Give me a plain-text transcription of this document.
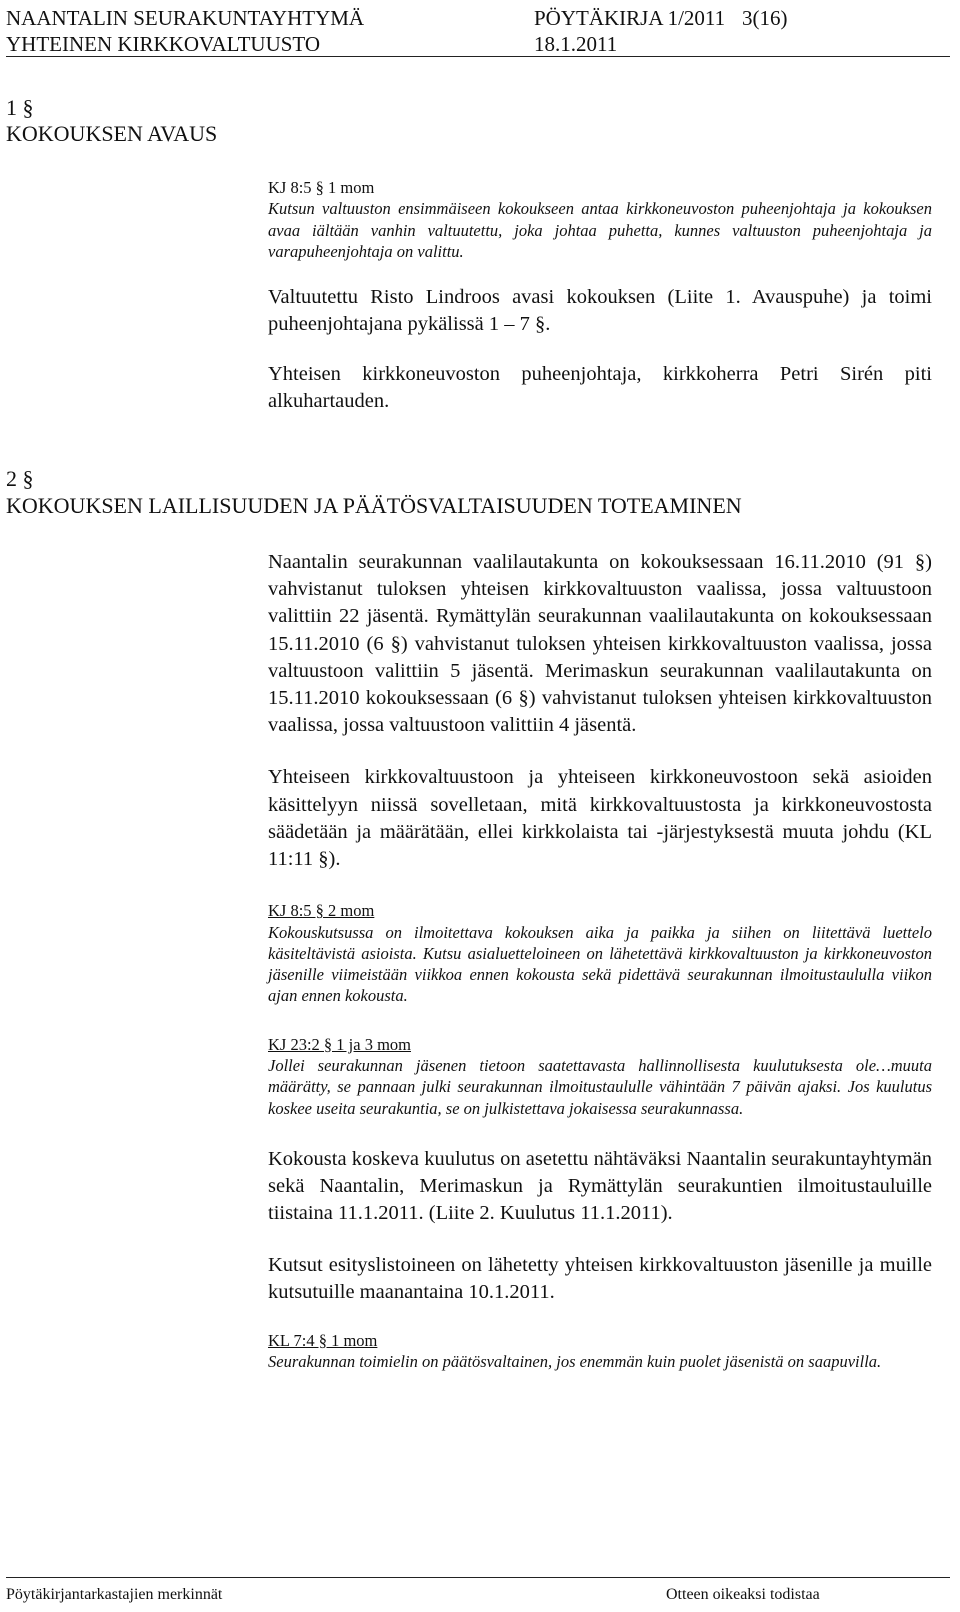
NAANTALIN SEURAKUNTAYHTYMÄ	PÖYTÄKIRJA 1/2011 3(16)
YHTEINEN KIRKKOVALTUUSTO	18.1.2011
1 §
KOKOUKSEN AVAUS

KJ 8:5 § 1 mom

Kutsun valtuuston ensimmäiseen kokoukseen antaa kirkkoneuvoston puheenjohtaja ja kokouksen avaa iältään vanhin valtuutettu, joka johtaa puhetta, kunnes valtuuston puheenjohtaja ja varapuheenjohtaja on valittu.

Valtuutettu Risto Lindroos avasi kokouksen (Liite 1. Avauspuhe) ja toimi puheenjohtajana pykälissä 1 – 7 §.

Yhteisen kirkkoneuvoston puheenjohtaja, kirkkoherra Petri Sirén piti alkuhartauden.

2 §
KOKOUKSEN LAILLISUUDEN JA PÄÄTÖSVALTAISUUDEN TOTEAMINEN

Naantalin seurakunnan vaalilautakunta on kokouksessaan 16.11.2010 (91 §) vahvistanut tuloksen yhteisen kirkkovaltuuston vaalissa, jossa valtuustoon valittiin 22 jäsentä. Rymättylän seurakunnan vaalilautakunta on kokouksessaan 15.11.2010 (6 §) vahvistanut tuloksen yhteisen kirkkovaltuuston vaalissa, jossa valtuustoon valittiin 5 jäsentä. Merimaskun seurakunnan vaalilautakunta on 15.11.2010 kokouksessaan (6 §) vahvistanut tuloksen yhteisen kirkkovaltuuston vaalissa, jossa valtuustoon valittiin 4 jäsentä.

Yhteiseen kirkkovaltuustoon ja yhteiseen kirkkoneuvostoon sekä asioiden käsittelyyn niissä sovelletaan, mitä kirkkovaltuustosta ja kirkkoneuvostosta säädetään ja määrätään, ellei kirkkolaista tai -järjestyksestä muuta johdu (KL 11:11 §).

KJ 8:5 § 2 mom

Kokouskutsussa on ilmoitettava kokouksen aika ja paikka ja siihen on liitettävä luettelo käsiteltävistä asioista. Kutsu asialuetteloineen on lähetettävä kirkkovaltuuston ja kirkkoneuvoston jäsenille viimeistään viikkoa ennen kokousta sekä pidettävä seurakunnan ilmoitustaululla viikon ajan ennen kokousta.

KJ 23:2 § 1 ja 3 mom

Jollei seurakunnan jäsenen tietoon saatettavasta hallinnollisesta kuulutuksesta ole…muuta määrätty, se pannaan julki seurakunnan ilmoitustaululle vähintään 7 päivän ajaksi. Jos kuulutus koskee useita seurakuntia, se on julkistettava jokaisessa seurakunnassa.

Kokousta koskeva kuulutus on asetettu nähtäväksi Naantalin seurakuntayhtymän sekä Naantalin, Merimaskun ja Rymättylän seurakuntien ilmoitustauluille tiistaina 11.1.2011. (Liite 2. Kuulutus 11.1.2011).

Kutsut esityslistoineen on lähetetty yhteisen kirkkovaltuuston jäsenille ja muille kutsutuille maanantaina 10.1.2011.

KL 7:4 § 1 mom

Seurakunnan toimielin on päätösvaltainen, jos enemmän kuin puolet jäsenistä on saapuvilla.

Pöytäkirjantarkastajien merkinnät	Otteen oikeaksi todistaa
